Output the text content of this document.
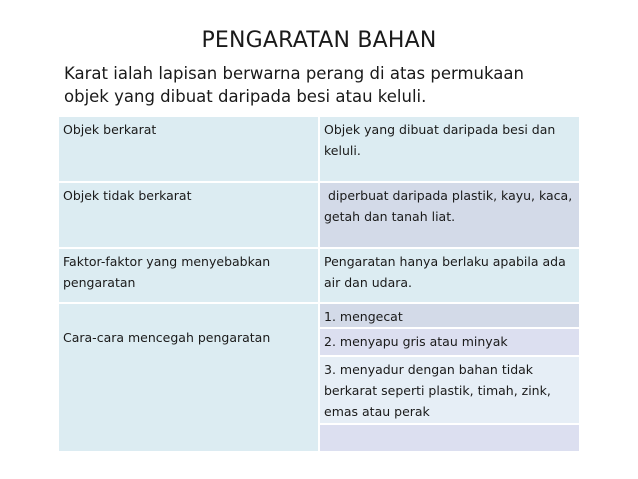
PENGARATAN BAHAN
Karat ialah lapisan berwarna perang di atas permukaan
objek yang dibuat daripada besi atau keluli.
Objek berkarat	Objek yang dibuat daripada besi dan keluli.
Objek tidak berkarat	diperbuat daripada plastik, kayu, kaca, getah dan tanah liat.
Faktor-faktor yang menyebabkan pengaratan
Pengaratan hanya berlaku apabila ada air dan udara.
Cara-cara mencegah pengaratan
1. mengecat
2. menyapu gris atau minyak
3. menyadur dengan bahan tidak berkarat seperti plastik, timah, zink, emas atau perak
